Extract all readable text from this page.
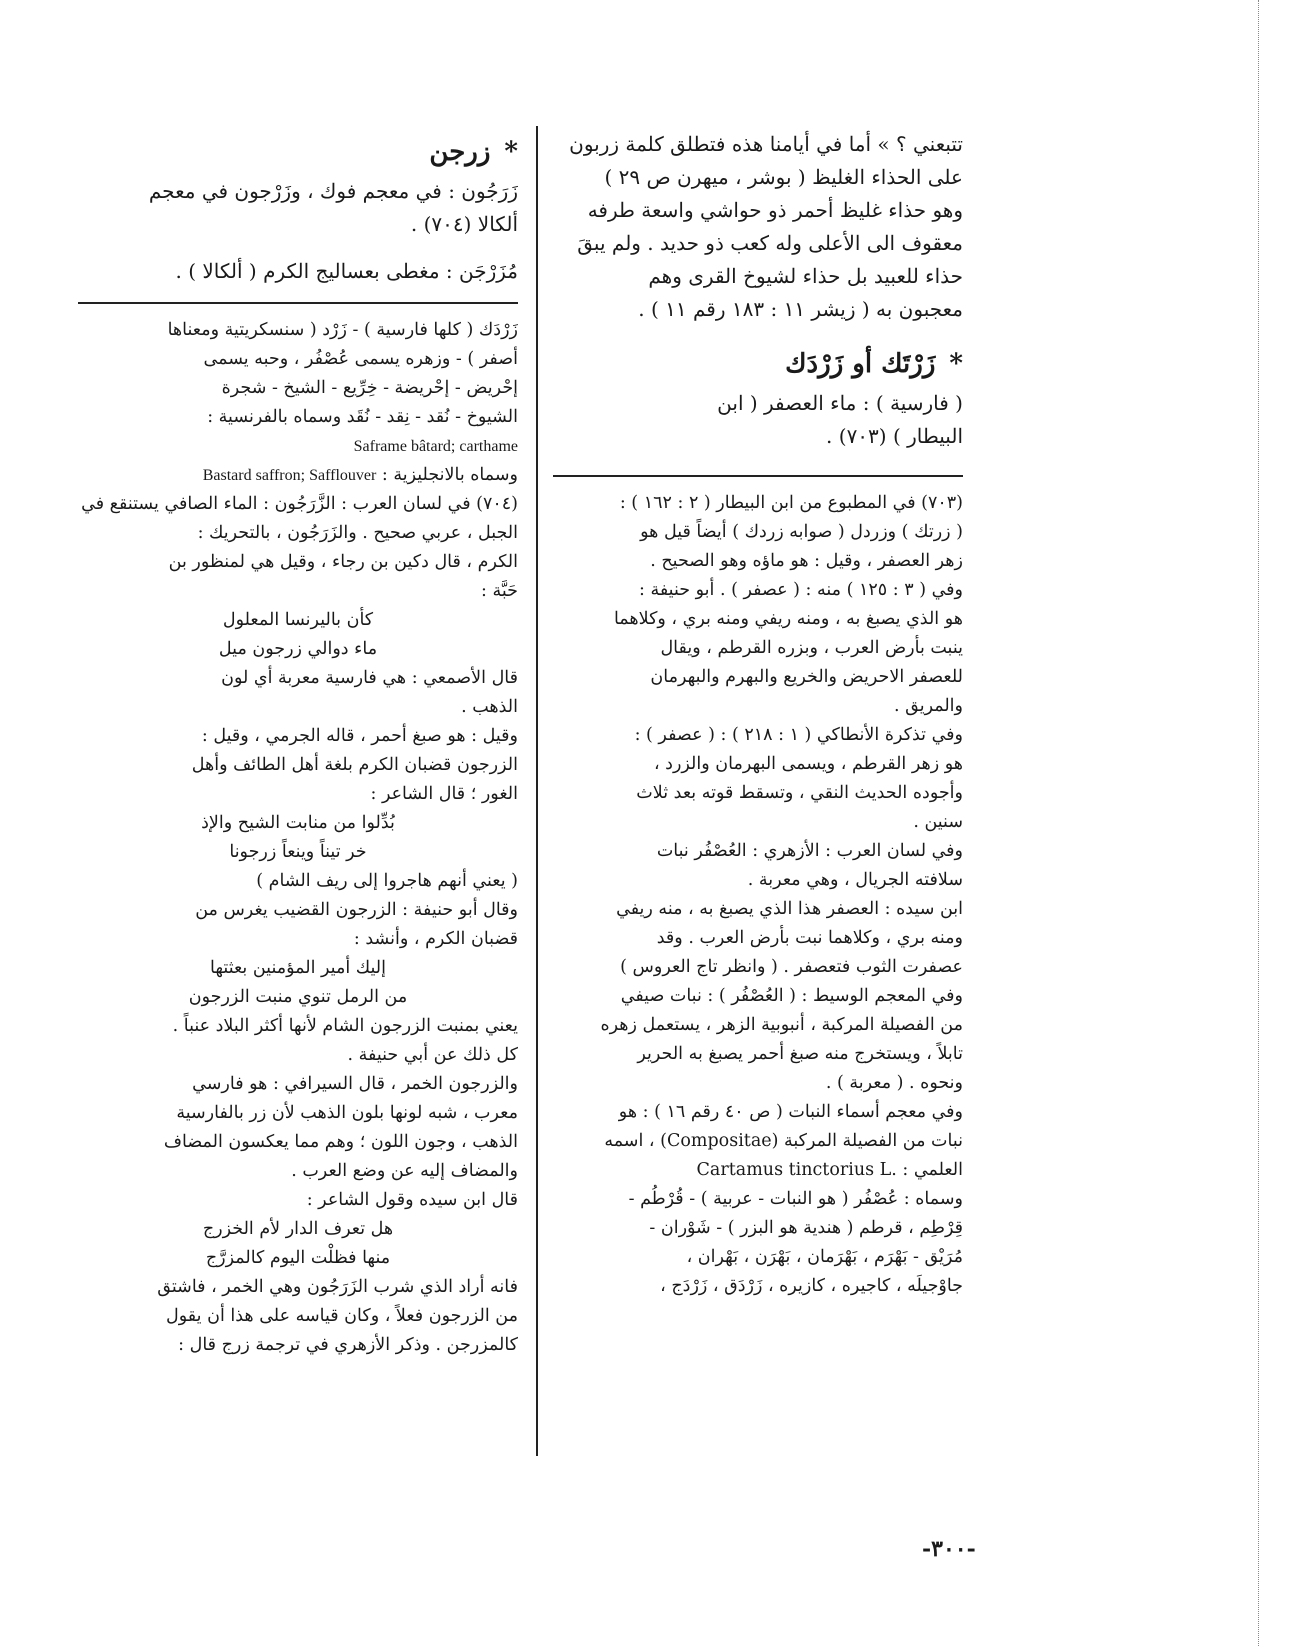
تتبعني ؟ » أما في أيامنا هذه فتطلق كلمة زربون

على الحذاء الغليظ ( بوشر ، ميهرن ص ٢٩ )

وهو حذاء غليظ أحمر ذو حواشي واسعة طرفه

معقوف الى الأعلى وله كعب ذو حديد . ولم يبقَ

حذاء للعبيد بل حذاء لشيوخ القرى وهم

معجبون به ( زيشر ١١ : ١٨٣ رقم ١١ ) .

*
زَرْتَك أو زَرْدَك

( فارسية ) : ماء العصفر ( ابن

البيطار ) (٧٠٣) .

(٧٠٣) في المطبوع من ابن البيطار ( ٢ : ١٦٢ ) :

( زرتك ) وزردل ( صوابه زردك ) أيضاً قيل هو

زهر العصفر ، وقيل : هو ماؤه وهو الصحيح .

وفي ( ٣ : ١٢٥ ) منه : ( عصفر ) . أبو حنيفة :

هو الذي يصبغ به ، ومنه ريفي ومنه بري ، وكلاهما

ينبت بأرض العرب ، وبزره القرطم ، ويقال

للعصفر الاحريض والخريع والبهرم والبهرمان

والمريق .

وفي تذكرة الأنطاكي ( ١ : ٢١٨ ) : ( عصفر ) :

هو زهر القرطم ، ويسمى البهرمان والزرد ،

وأجوده الحديث النقي ، وتسقط قوته بعد ثلاث

سنين .

وفي لسان العرب : الأزهري : العُصْفُر نبات

سلافته الجريال ، وهي معربة .

ابن سيده : العصفر هذا الذي يصبغ به ، منه ريفي

ومنه بري ، وكلاهما نبت بأرض العرب . وقد

عصفرت الثوب فتعصفر . ( وانظر تاج العروس )

وفي المعجم الوسيط : ( العُصْفُر ) : نبات صيفي

من الفصيلة المركبة ، أنبوبية الزهر ، يستعمل زهره

تابلاً ، ويستخرج منه صبغ أحمر يصبغ به الحرير

ونحوه . ( معربة ) .

وفي معجم أسماء النبات ( ص ٤٠ رقم ١٦ ) : هو

نبات من الفصيلة المركبة (Compositae) ، اسمه

العلمي : .Cartamus tinctorius L

وسماه : عُصْفُر ( هو النبات - عربية ) - قُرْطُم -

قِرْطِم ، قرطم ( هندية هو البزر ) - شَوْران -

مُرَيْق - بَهْرَم ، بَهْرَمان ، بَهْرَن ، بَهْران ،

جاوْجيلَه ، كاجيره ، كازيره ، زَرْدَق ، زَرْدَج ،

*
زرجن

زَرَجُون : في معجم فوك ، وزَرْجون في معجم

ألكالا (٧٠٤) .

مُزَرْجَن : مغطى بعساليج الكرم ( ألكالا ) .

زَرْدَك ( كلها فارسية ) - زَرْد ( سنسكريتية ومعناها

أصفر ) - وزهره يسمى عُصْفُر ، وحبه يسمى

إحْريض - إحْريضة - خِرِّيع - الشيخ - شجرة

الشيوخ - نُقد - نِقد - نُقَد وسماه بالفرنسية :

Saframe bâtard; carthame

وسماه بالانجليزية : Bastard saffron; Safflouver

(٧٠٤) في لسان العرب : الزَّرَجُون : الماء الصافي يستنقع في

الجبل ، عربي صحيح . والزَرَجُون ، بالتحريك :

الكرم ، قال دكين بن رجاء ، وقيل هي لمنظور بن

حَبَّة :

كأن باليرنسا المعلول

ماء دوالي زرجون ميل

قال الأصمعي : هي فارسية معربة أي لون

الذهب .

وقيل : هو صبغ أحمر ، قاله الجرمي ، وقيل :

الزرجون قضبان الكرم بلغة أهل الطائف وأهل

الغور ؛ قال الشاعر :

بُدِّلوا من منابت الشيح والإذ

خر تيناً وينعاً زرجونا

( يعني أنهم هاجروا إلى ريف الشام )

وقال أبو حنيفة : الزرجون القضيب يغرس من

قضبان الكرم ، وأنشد :

إليك أمير المؤمنين بعثتها

من الرمل تنوي منبت الزرجون

يعني بمنبت الزرجون الشام لأنها أكثر البلاد عنباً .

كل ذلك عن أبي حنيفة .

والزرجون الخمر ، قال السيرافي : هو فارسي

معرب ، شبه لونها بلون الذهب لأن زر بالفارسية

الذهب ، وجون اللون ؛ وهم مما يعكسون المضاف

والمضاف إليه عن وضع العرب .

قال ابن سيده وقول الشاعر :

هل تعرف الدار لأم الخزرج

منها فظلْت اليوم كالمزرَّج

فانه أراد الذي شرب الزَرَجُون وهي الخمر ، فاشتق

من الزرجون فعلاً ، وكان قياسه على هذا أن يقول

كالمزرجن . وذكر الأزهري في ترجمة زرج قال :

-٣٠٠-
